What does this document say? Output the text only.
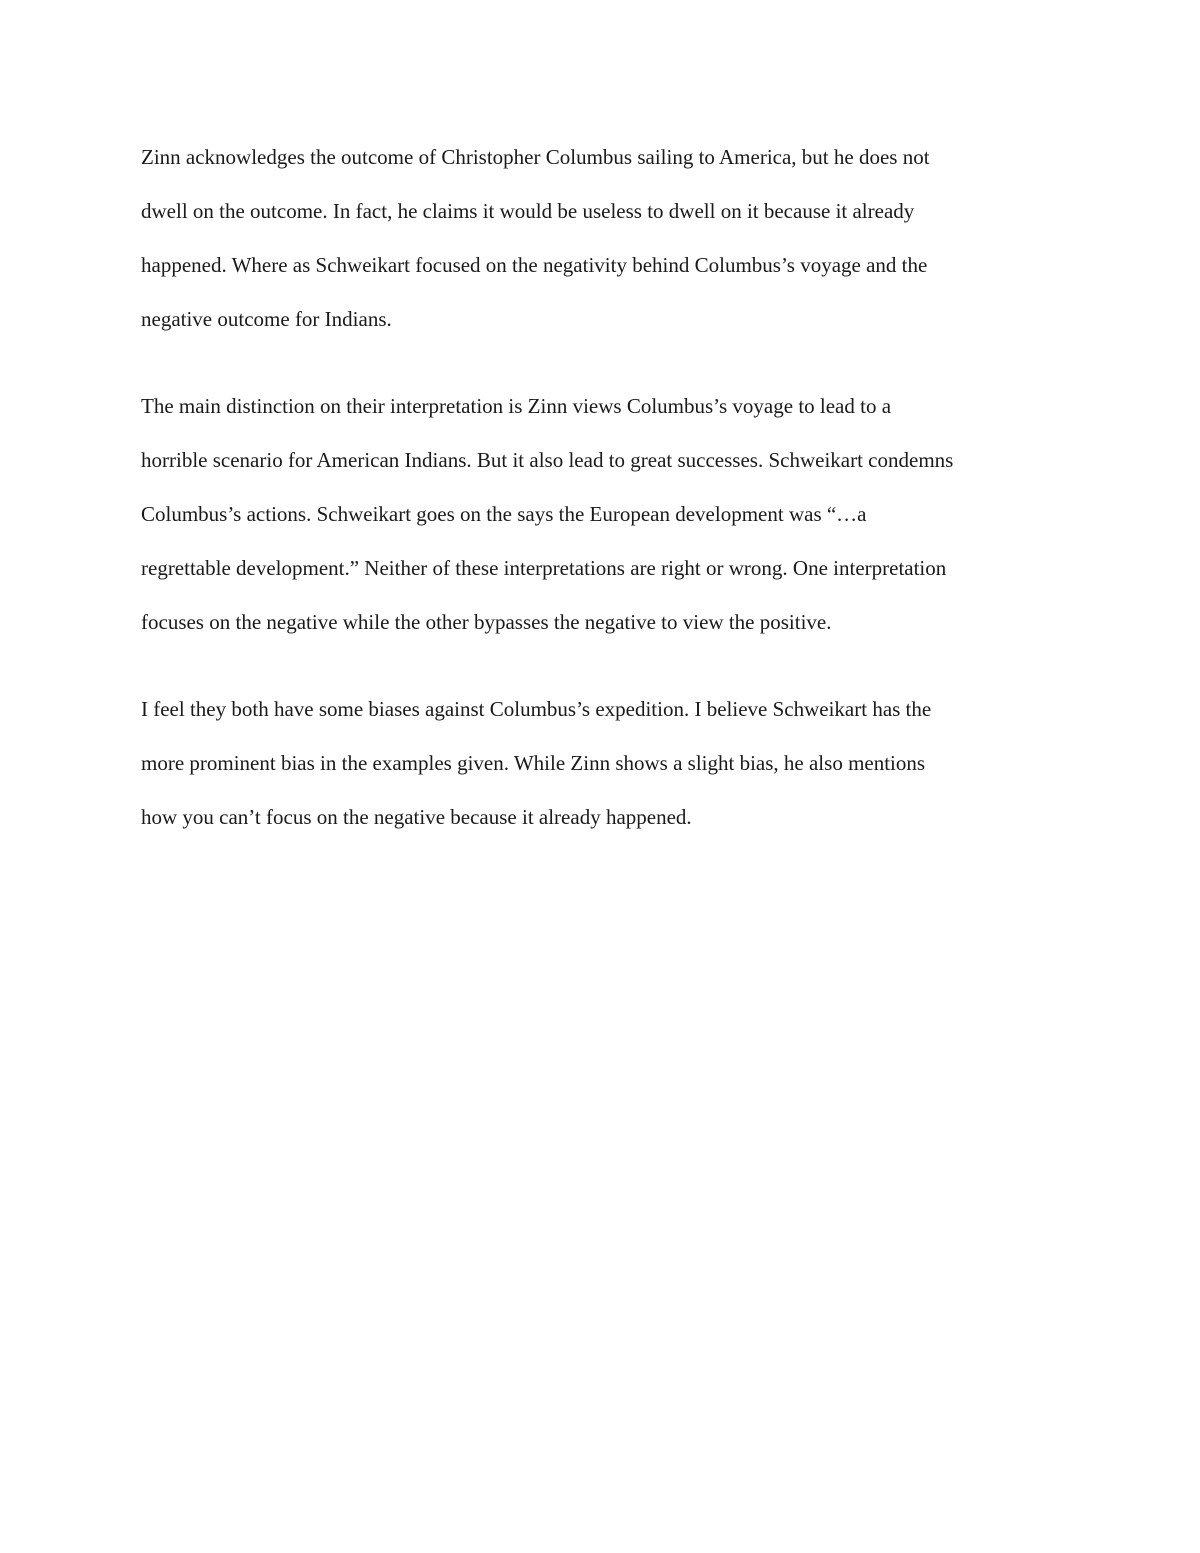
Zinn acknowledges the outcome of Christopher Columbus sailing to America, but he does not
dwell on the outcome. In fact, he claims it would be useless to dwell on it because it already
happened. Where as Schweikart focused on the negativity behind Columbus’s voyage and the
negative outcome for Indians.

The main distinction on their interpretation is Zinn views Columbus’s voyage to lead to a
horrible scenario for American Indians. But it also lead to great successes. Schweikart condemns
Columbus’s actions. Schweikart goes on the says the European development was “…a
regrettable development.” Neither of these interpretations are right or wrong. One interpretation
focuses on the negative while the other bypasses the negative to view the positive.

I feel they both have some biases against Columbus’s expedition. I believe Schweikart has the
more prominent bias in the examples given. While Zinn shows a slight bias, he also mentions
how you can’t focus on the negative because it already happened.
